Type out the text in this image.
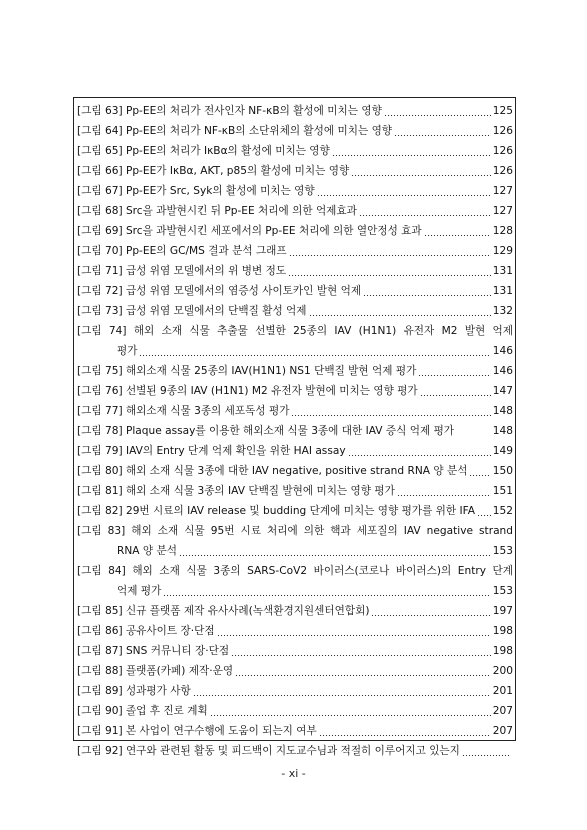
[그림 63] Pp-EE의 처리가 전사인자 NF-κB의 활성에 미치는 영향	125
[그림 64] Pp-EE의 처리가 NF-κB의 소단위체의 활성에 미치는 영향	126
[그림 65] Pp-EE의 처리가 IκBα의 활성에 미치는 영향	126
[그림 66] Pp-EE가 IκBα, AKT, p85의 활성에 미치는 영향	126
[그림 67] Pp-EE가 Src, Syk의 활성에 미치는 영향	127
[그림 68] Src을 과발현시킨 뒤 Pp-EE 처리에 의한 억제효과	127
[그림 69] Src을 과발현시킨 세포에서의 Pp-EE 처리에 의한 열안정성 효과	128
[그림 70] Pp-EE의 GC/MS 결과 분석 그래프	129
[그림 71] 급성 위염 모델에서의 위 병변 정도	131
[그림 72] 급성 위염 모델에서의 염증성 사이토카인 발현 억제	131
[그림 73] 급성 위염 모델에서의 단백질 활성 억제	132
[그림 74] 해외 소재 식물 추출물 선별한 25종의 IAV (H1N1) 유전자 M2 발현 억제
평가	146
[그림 75] 해외소재 식물 25종의 IAV(H1N1) NS1 단백질 발현 억제 평가	146
[그림 76] 선별된 9종의 IAV (H1N1) M2 유전자 발현에 미치는 영향 평가	147
[그림 77] 해외소재 식물 3종의 세포독성 평가	148
[그림 78] Plaque assay를 이용한 해외소재 식물 3종에 대한 IAV 증식 억제 평가	148
[그림 79] IAV의 Entry 단계 억제 확인을 위한 HAI assay	149
[그림 80] 해외 소재 식물 3종에 대한 IAV negative, positive strand RNA 양 분석 150
[그림 81] 해외 소재 식물 3종의 IAV 단백질 발현에 미치는 영향 평가	151
[그림 82] 29번 시료의 IAV release 및 budding 단계에 미치는 영향 평가를 위한 IFA 152
[그림 83] 해외 소재 식물 95번 시료 처리에 의한 핵과 세포질의 IAV negative strand
RNA 양 분석	153
[그림 84] 해외 소재 식물 3종의 SARS-CoV2 바이러스(코로나 바이러스)의 Entry 단계
억제 평가	153
[그림 85] 신규 플랫폼 제작 유사사례(녹색환경지원센터연합회)	197
[그림 86] 공유사이트 장·단점	198
[그림 87] SNS 커뮤니티 장·단점	198
[그림 88] 플랫폼(카페) 제작·운영	200
[그림 89] 성과평가 사항	201
[그림 90] 졸업 후 진로 계획	207
[그림 91] 본 사업이 연구수행에 도움이 되는지 여부	207
[그림 92] 연구와 관련된 활동 및 피드백이 지도교수님과 적절히 이루어지고 있는지
- xi -
